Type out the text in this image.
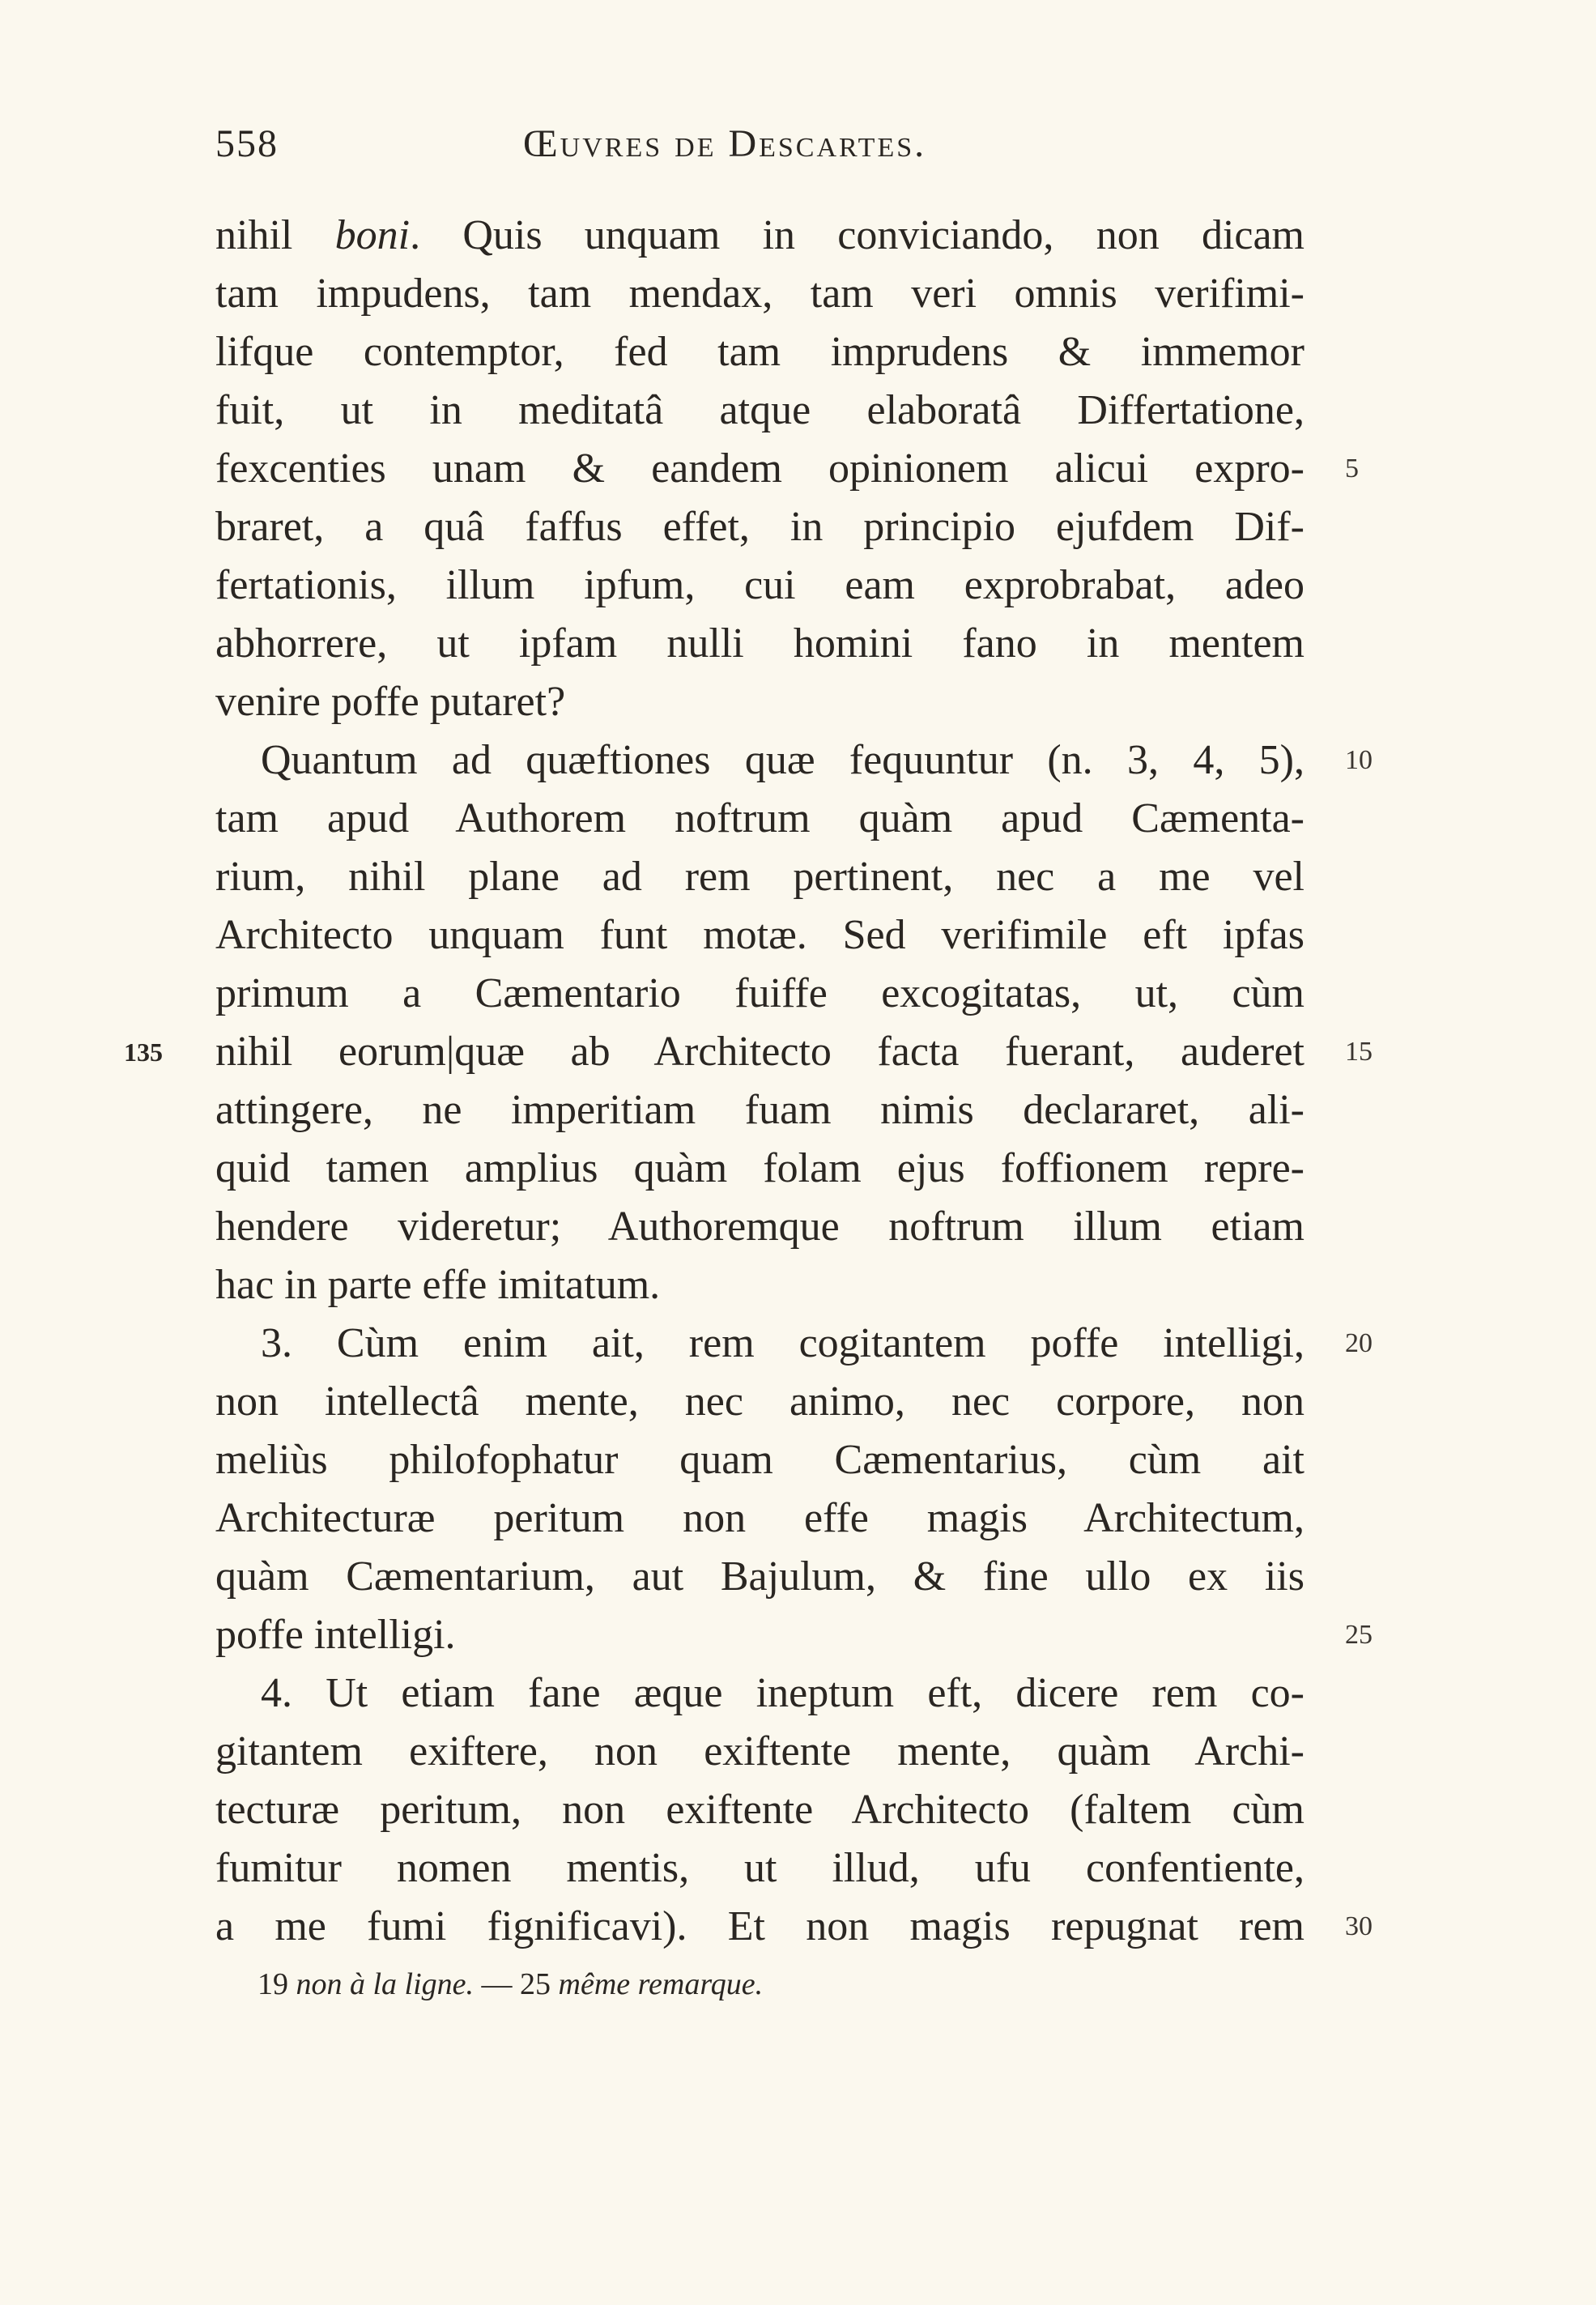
558	Œuvres de Descartes.
nihil boni. Quis unquam in conviciando, non dicam
tam impudens, tam mendax, tam veri omnis verifimi-
lifque contemptor, fed tam imprudens & immemor
fuit, ut in meditatâ atque elaboratâ Differtatione,
fexcenties unam & eandem opinionem alicui expro- 5
braret, a quâ faffus effet, in principio ejufdem Dif-
fertationis, illum ipfum, cui eam exprobrabat, adeo
abhorrere, ut ipfam nulli homini fano in mentem
venire poffe putaret?
Quantum ad quæftiones quæ fequuntur (n. 3, 4, 5), 10
tam apud Authorem noftrum quàm apud Cæmenta-
rium, nihil plane ad rem pertinent, nec a me vel
Architecto unquam funt motæ. Sed verifimile eft ipfas
primum a Cæmentario fuiffe excogitatas, ut, cùm
nihil eorum|quæ ab Architecto facta fuerant, auderet 15
135
attingere, ne imperitiam fuam nimis declararet, ali-
quid tamen amplius quàm folam ejus foffionem repre-
hendere videretur; Authoremque noftrum illum etiam
hac in parte effe imitatum.
3. Cùm enim ait, rem cogitantem poffe intelligi, 20
non intellectâ mente, nec animo, nec corpore, non
meliùs philofophatur quam Cæmentarius, cùm ait
Architecturæ peritum non effe magis Architectum,
quàm Cæmentarium, aut Bajulum, & fine ullo ex iis
poffe intelligi.	25
4. Ut etiam fane æque ineptum eft, dicere rem co-
gitantem exiftere, non exiftente mente, quàm Archi-
tecturæ peritum, non exiftente Architecto (faltem cùm
fumitur nomen mentis, ut illud, ufu confentiente,
a me fumi fignificavi). Et non magis repugnat rem 30
19 non à la ligne. — 25 même remarque.
